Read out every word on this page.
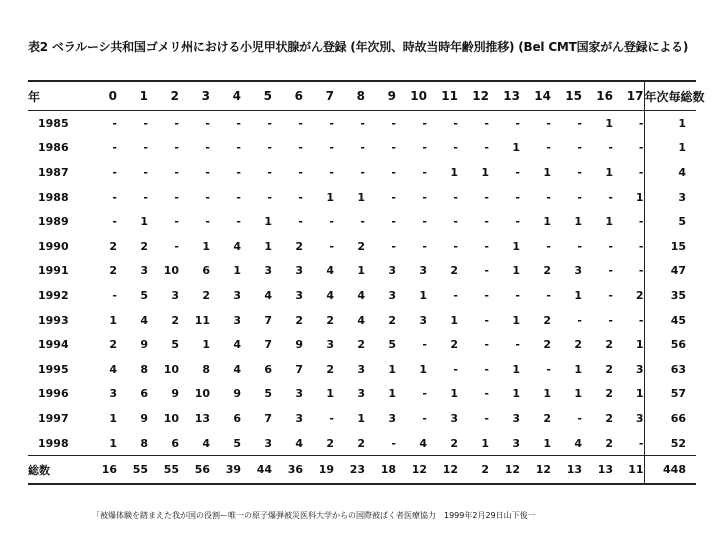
表2 ベラルーシ共和国ゴメリ州における小児甲状腺がん登録 (年次別、時故当時年齢別推移) (Bel CMT国家がん登録による)
年	0	1	2	3	4	5	6	7	8	9	10	11	12	13	14	15	16	17	年次毎総数
1985	-	-	-	-	-	-	-	-	-	-	-	-	-	-	-	-	1	-	1
1986	-	-	-	-	-	-	-	-	-	-	-	-	-	1	-	-	-	-	1
1987	-	-	-	-	-	-	-	-	-	-	-	1	1	-	1	-	1	-	4
1988	-	-	-	-	-	-	-	1	1	-	-	-	-	-	-	-	-	1	3
1989	-	1	-	-	-	1	-	-	-	-	-	-	-	-	1	1	1	-	5
1990	2	2	-	1	4	1	2	-	2	-	-	-	-	1	-	-	-	-	15
1991	2	3	10	6	1	3	3	4	1	3	3	2	-	1	2	3	-	-	47
1992	-	5	3	2	3	4	3	4	4	3	1	-	-	-	-	1	-	2	35
1993	1	4	2	11	3	7	2	2	4	2	3	1	-	1	2	-	-	-	45
1994	2	9	5	1	4	7	9	3	2	5	-	2	-	-	2	2	2	1	56
1995	4	8	10	8	4	6	7	2	3	1	1	-	-	1	-	1	2	3	63
1996	3	6	9	10	9	5	3	1	3	1	-	1	-	1	1	1	2	1	57
1997	1	9	10	13	6	7	3	-	1	3	-	3	-	3	2	-	2	3	66
1998	1	8	6	4	5	3	4	2	2	-	4	2	1	3	1	4	2	-	52
総数	16	55	55	56	39	44	36	19	23	18	12	12	2	12	12	13	13	11	448
「被爆体験を踏まえた我が国の役割ー唯一の原子爆弾被災医科大学からの国際被ばく者医療協力　1999年2月29日山下俊一
